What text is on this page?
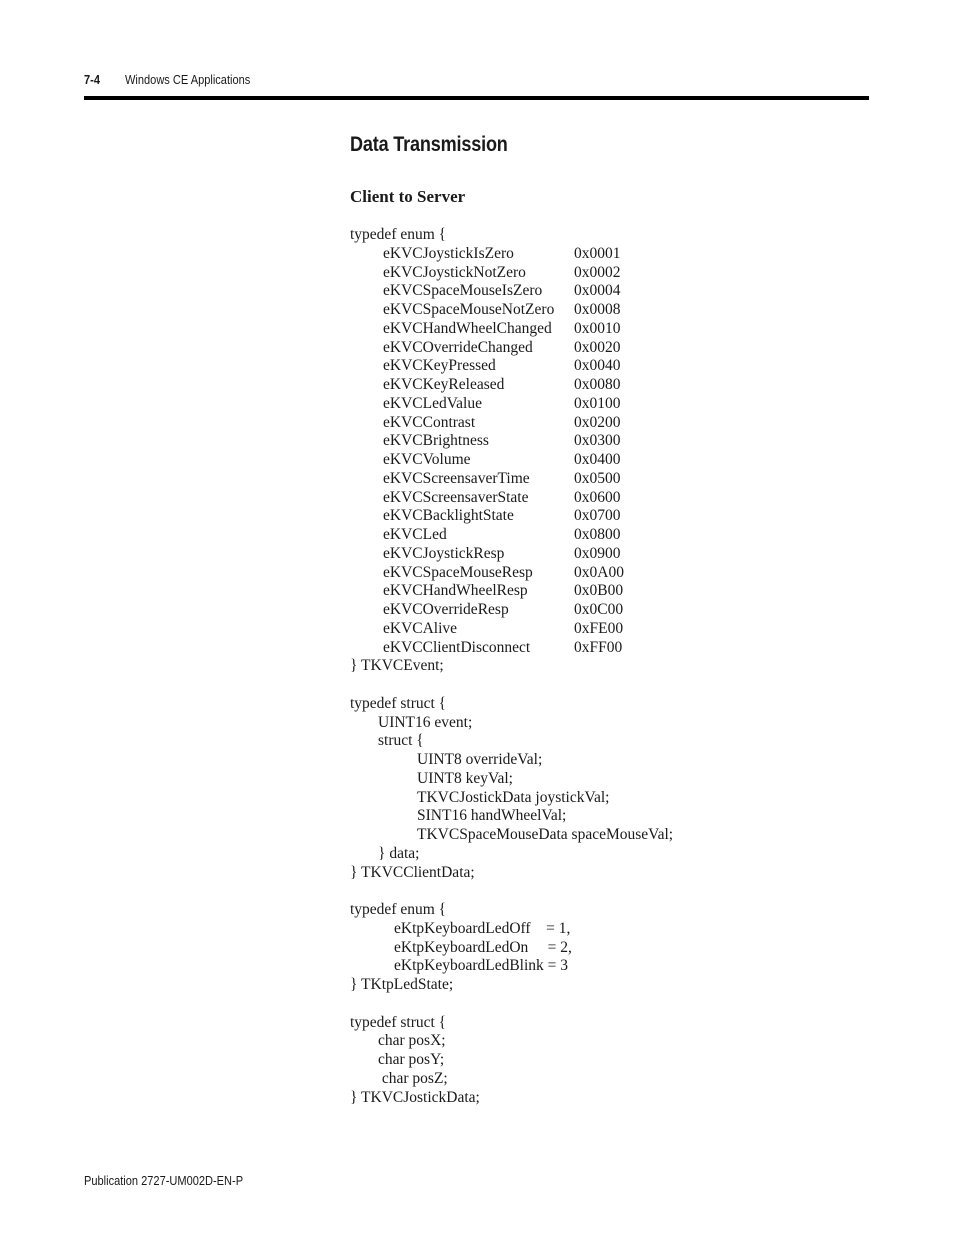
7-4 Windows CE Applications
Data Transmission
Client to Server
typedef enum {
eKVCJoystickIsZero	0x0001
eKVCJoystickNotZero	0x0002
eKVCSpaceMouseIsZero 0x0004
eKVCSpaceMouseNotZero 0x0008
eKVCHandWheelChanged 0x0010
eKVCOverrideChanged	0x0020
eKVCKeyPressed	0x0040
eKVCKeyReleased	0x0080
eKVCLedValue	0x0100
eKVCContrast	0x0200
eKVCBrightness	0x0300
eKVCVolume	0x0400
eKVCScreensaverTime	0x0500
eKVCScreensaverState	0x0600
eKVCBacklightState	0x0700
eKVCLed	0x0800
eKVCJoystickResp	0x0900
eKVCSpaceMouseResp	0x0A00
eKVCHandWheelResp	0x0B00
eKVCOverrideResp	0x0C00
eKVCAlive	0xFE00
eKVCClientDisconnect	0xFF00
} TKVCEvent;
typedef struct {
UINT16 event;
struct {
UINT8 overrideVal;
UINT8 keyVal;
TKVCJostickData joystickVal;
SINT16 handWheelVal;
TKVCSpaceMouseData spaceMouseVal;
} data;
} TKVCClientData;
typedef enum {
eKtpKeyboardLedOff    = 1,
eKtpKeyboardLedOn     = 2,
eKtpKeyboardLedBlink = 3
} TKtpLedState;
typedef struct {
char posX;
char posY;
char posZ;
} TKVCJostickData;
Publication 2727-UM002D-EN-P
